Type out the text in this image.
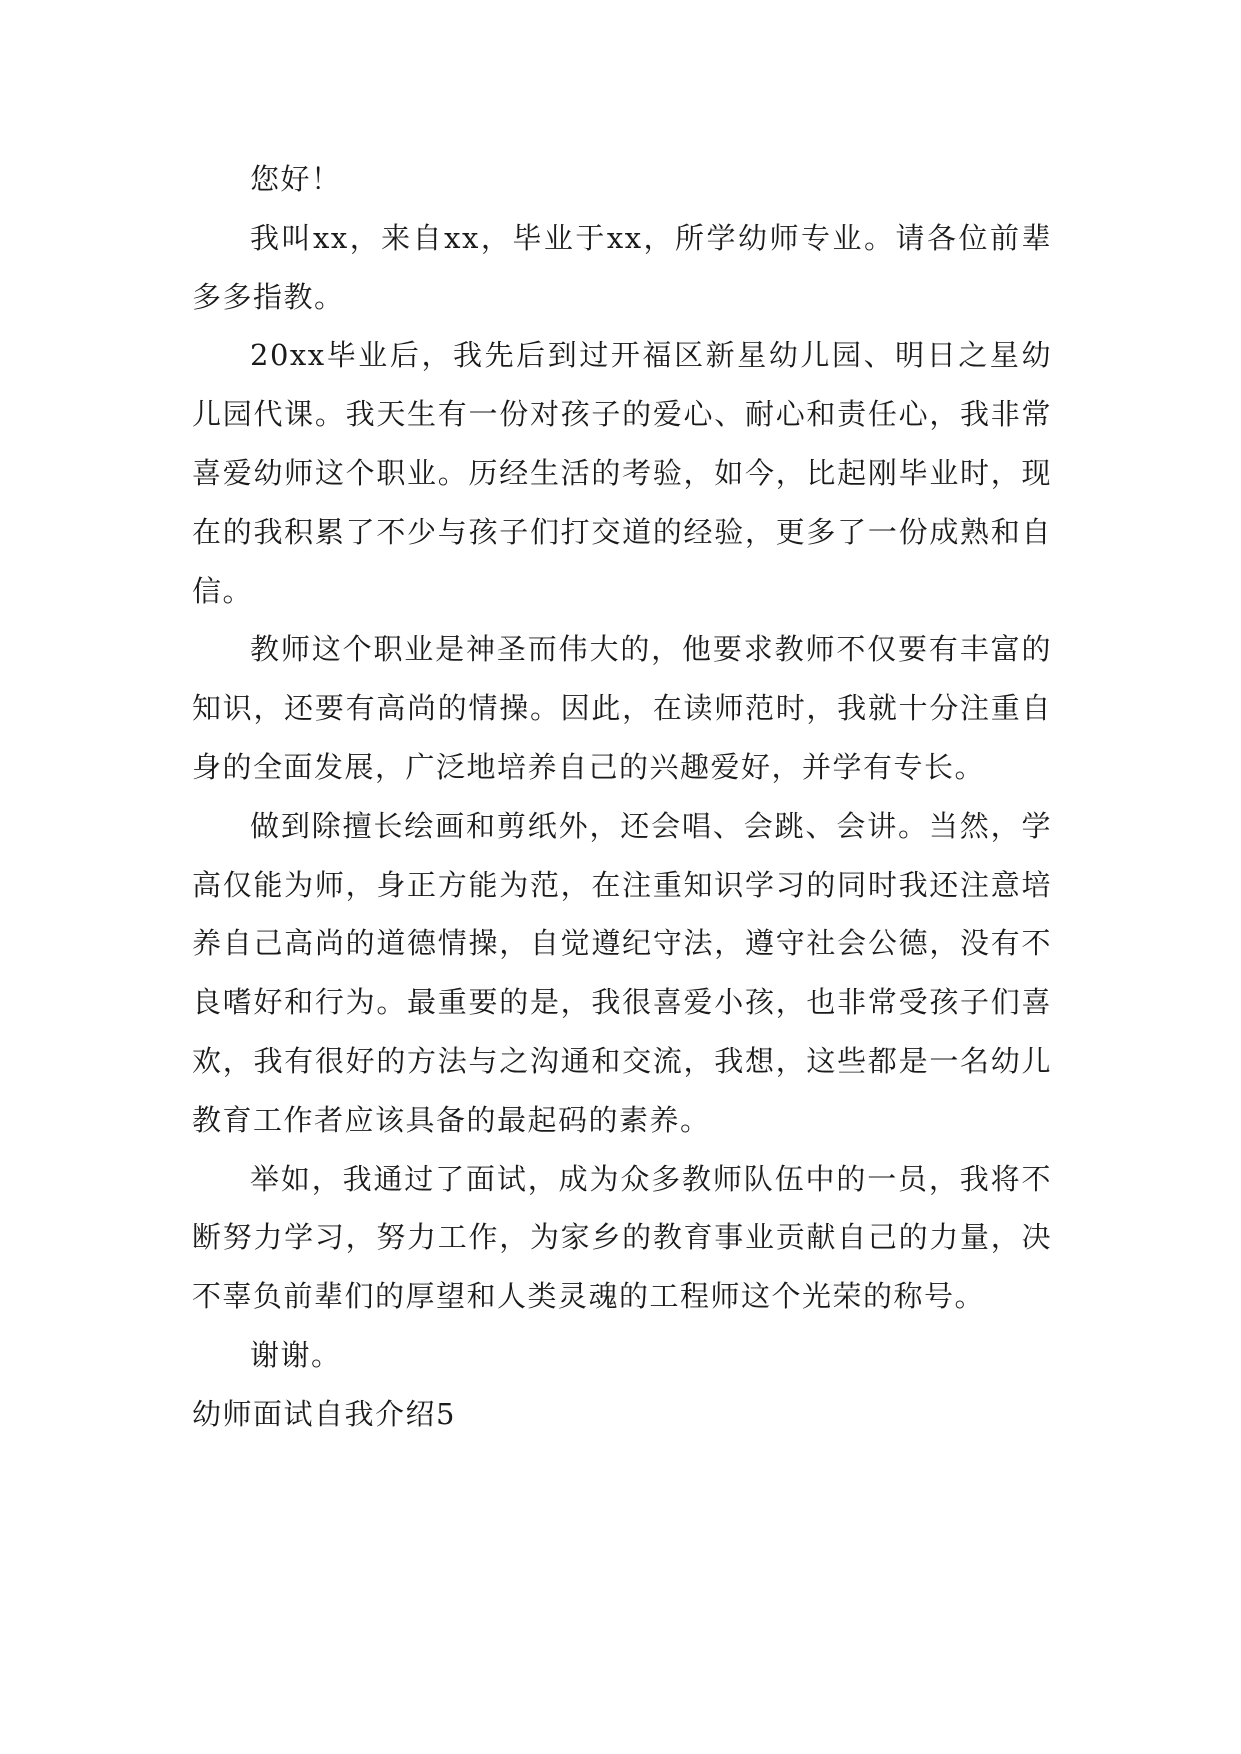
您好！

我叫xx，来自xx，毕业于xx，所学幼师专业。请各位前辈多多指教。

20xx毕业后，我先后到过开福区新星幼儿园、明日之星幼儿园代课。我天生有一份对孩子的爱心、耐心和责任心，我非常喜爱幼师这个职业。历经生活的考验，如今，比起刚毕业时，现在的我积累了不少与孩子们打交道的经验，更多了一份成熟和自信。

教师这个职业是神圣而伟大的，他要求教师不仅要有丰富的知识，还要有高尚的情操。因此，在读师范时，我就十分注重自身的全面发展，广泛地培养自己的兴趣爱好，并学有专长。

做到除擅长绘画和剪纸外，还会唱、会跳、会讲。当然，学高仅能为师，身正方能为范，在注重知识学习的同时我还注意培养自己高尚的道德情操，自觉遵纪守法，遵守社会公德，没有不良嗜好和行为。最重要的是，我很喜爱小孩，也非常受孩子们喜欢，我有很好的方法与之沟通和交流，我想，这些都是一名幼儿教育工作者应该具备的最起码的素养。

举如，我通过了面试，成为众多教师队伍中的一员，我将不断努力学习，努力工作，为家乡的教育事业贡献自己的力量，决不辜负前辈们的厚望和人类灵魂的工程师这个光荣的称号。

谢谢。

幼师面试自我介绍5
